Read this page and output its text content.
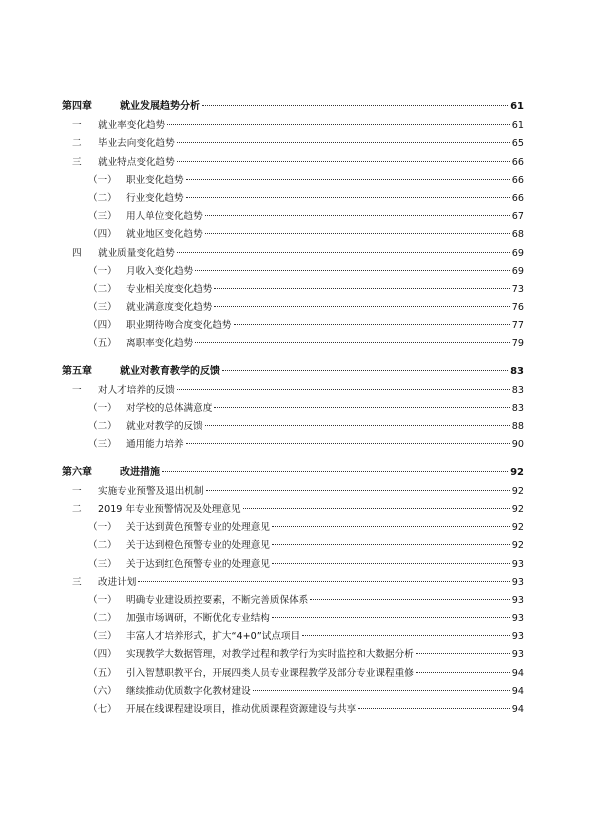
第四章	就业发展趋势分析	61
一	就业率变化趋势	61
二	毕业去向变化趋势	65
三	就业特点变化趋势	66
（一） 职业变化趋势	66
（二） 行业变化趋势	66
（三） 用人单位变化趋势	67
（四） 就业地区变化趋势	68
四	就业质量变化趋势	69
（一） 月收入变化趋势	69
（二） 专业相关度变化趋势	73
（三） 就业满意度变化趋势	76
（四） 职业期待吻合度变化趋势	77
（五） 离职率变化趋势	79
第五章	就业对教育教学的反馈	83
一	对人才培养的反馈	83
（一） 对学校的总体满意度	83
（二） 就业对教学的反馈	88
（三） 通用能力培养	90
第六章	改进措施	92
一	实施专业预警及退出机制	92
二	2019 年专业预警情况及处理意见	92
（一） 关于达到黄色预警专业的处理意见	92
（二） 关于达到橙色预警专业的处理意见	92
（三） 关于达到红色预警专业的处理意见	93
三	改进计划	93
（一） 明确专业建设质控要素，不断完善质保体系	93
（二） 加强市场调研，不断优化专业结构	93
（三） 丰富人才培养形式，扩大“4+0”试点项目	93
（四） 实现教学大数据管理，对教学过程和教学行为实时监控和大数据分析	93
（五） 引入智慧职教平台，开展四类人员专业课程教学及部分专业课程重修	94
（六） 继续推动优质数字化教材建设	94
（七） 开展在线课程建设项目，推动优质课程资源建设与共享	94
